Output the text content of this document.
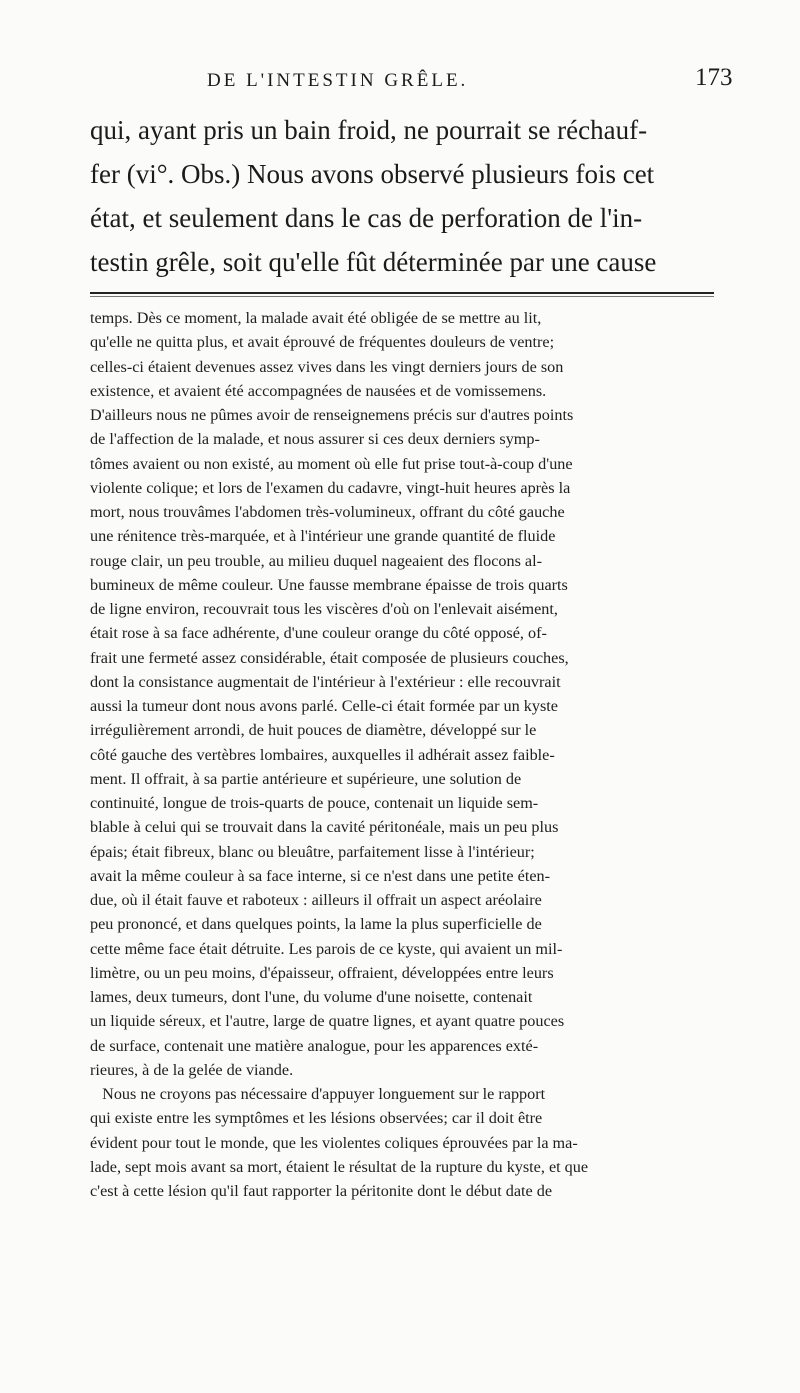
DE L'INTESTIN GRÊLE.	173
qui, ayant pris un bain froid, ne pourrait se réchauf-
fer (vi°. Obs.) Nous avons observé plusieurs fois cet
état, et seulement dans le cas de perforation de l'in-
testin grêle, soit qu'elle fût déterminée par une cause
temps. Dès ce moment, la malade avait été obligée de se mettre au lit,
qu'elle ne quitta plus, et avait éprouvé de fréquentes douleurs de ventre;
celles-ci étaient devenues assez vives dans les vingt derniers jours de son
existence, et avaient été accompagnées de nausées et de vomissemens.
D'ailleurs nous ne pûmes avoir de renseignemens précis sur d'autres points
de l'affection de la malade, et nous assurer si ces deux derniers symp-
tômes avaient ou non existé, au moment où elle fut prise tout-à-coup d'une
violente colique; et lors de l'examen du cadavre, vingt-huit heures après la
mort, nous trouvâmes l'abdomen très-volumineux, offrant du côté gauche
une rénitence très-marquée, et à l'intérieur une grande quantité de fluide
rouge clair, un peu trouble, au milieu duquel nageaient des flocons al-
bumineux de même couleur. Une fausse membrane épaisse de trois quarts
de ligne environ, recouvrait tous les viscères d'où on l'enlevait aisément,
était rose à sa face adhérente, d'une couleur orange du côté opposé, of-
frait une fermeté assez considérable, était composée de plusieurs couches,
dont la consistance augmentait de l'intérieur à l'extérieur : elle recouvrait
aussi la tumeur dont nous avons parlé. Celle-ci était formée par un kyste
irrégulièrement arrondi, de huit pouces de diamètre, développé sur le
côté gauche des vertèbres lombaires, auxquelles il adhérait assez faible-
ment. Il offrait, à sa partie antérieure et supérieure, une solution de
continuité, longue de trois-quarts de pouce, contenait un liquide sem-
blable à celui qui se trouvait dans la cavité péritonéale, mais un peu plus
épais; était fibreux, blanc ou bleuâtre, parfaitement lisse à l'intérieur;
avait la même couleur à sa face interne, si ce n'est dans une petite éten-
due, où il était fauve et raboteux : ailleurs il offrait un aspect aréolaire
peu prononcé, et dans quelques points, la lame la plus superficielle de
cette même face était détruite. Les parois de ce kyste, qui avaient un mil-
limètre, ou un peu moins, d'épaisseur, offraient, développées entre leurs
lames, deux tumeurs, dont l'une, du volume d'une noisette, contenait
un liquide séreux, et l'autre, large de quatre lignes, et ayant quatre pouces
de surface, contenait une matière analogue, pour les apparences exté-
rieures, à de la gelée de viande.
Nous ne croyons pas nécessaire d'appuyer longuement sur le rapport
qui existe entre les symptômes et les lésions observées; car il doit être
évident pour tout le monde, que les violentes coliques éprouvées par la ma-
lade, sept mois avant sa mort, étaient le résultat de la rupture du kyste, et que
c'est à cette lésion qu'il faut rapporter la péritonite dont le début date de
